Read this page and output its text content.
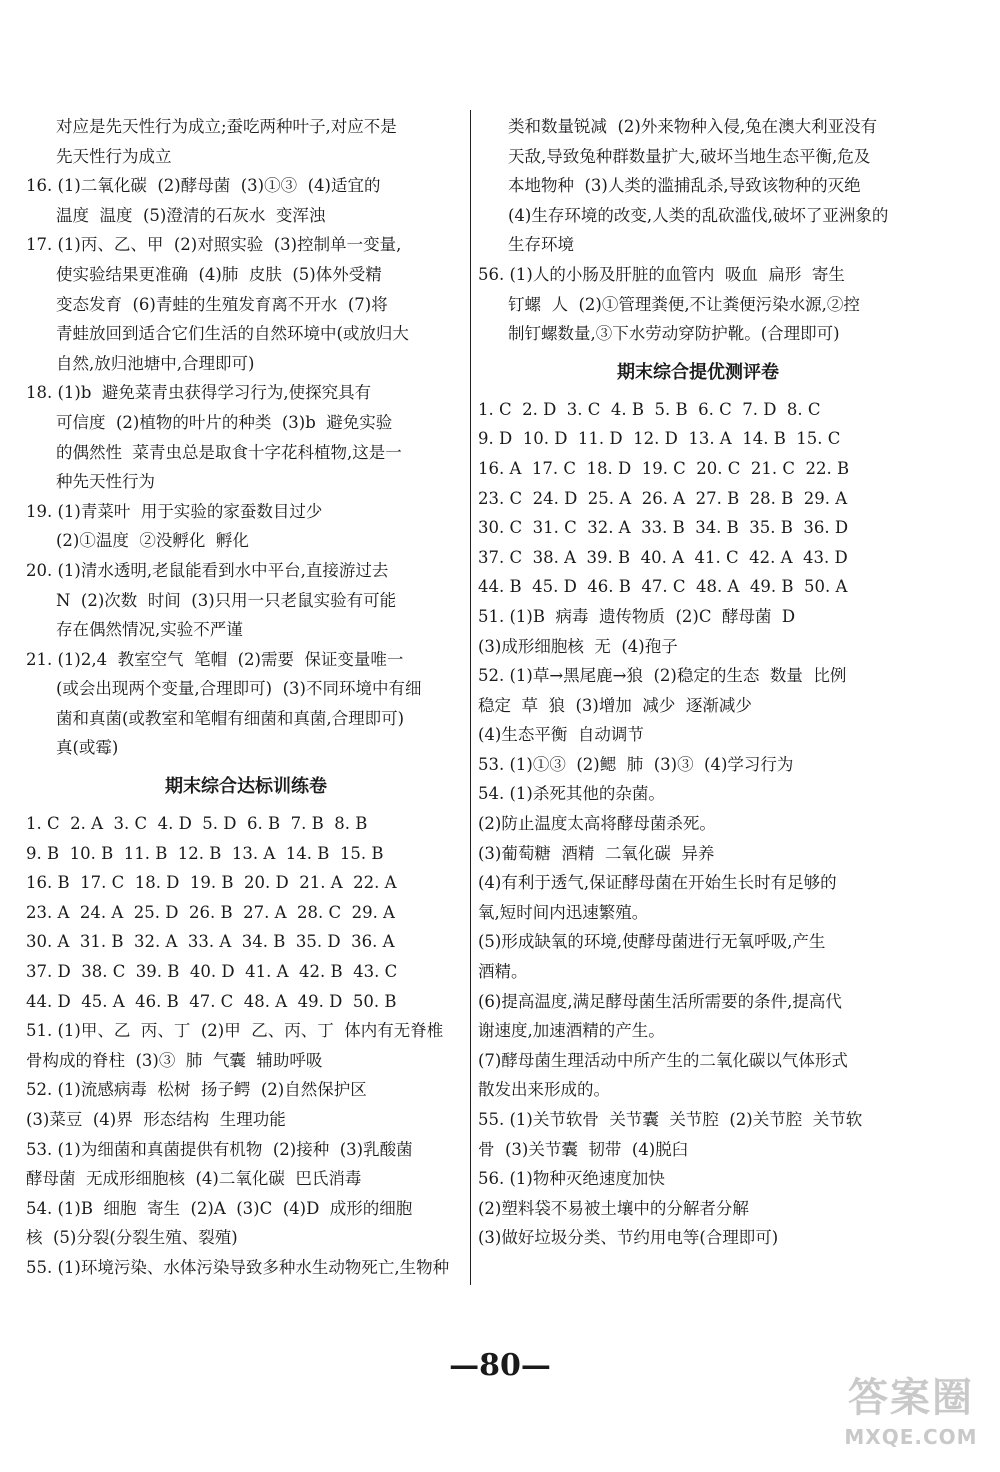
对应是先天性行为成立;蚕吃两种叶子,对应不是
先天性行为成立
16. (1)二氧化碳  (2)酵母菌  (3)①③  (4)适宜的
温度  温度  (5)澄清的石灰水  变浑浊
17. (1)丙、乙、甲  (2)对照实验  (3)控制单一变量,
使实验结果更准确  (4)肺  皮肤  (5)体外受精
变态发育  (6)青蛙的生殖发育离不开水  (7)将
青蛙放回到适合它们生活的自然环境中(或放归大
自然,放归池塘中,合理即可)
18. (1)b  避免菜青虫获得学习行为,使探究具有
可信度  (2)植物的叶片的种类  (3)b  避免实验
的偶然性  菜青虫总是取食十字花科植物,这是一
种先天性行为
19. (1)青菜叶  用于实验的家蚕数目过少
(2)①温度  ②没孵化  孵化
20. (1)清水透明,老鼠能看到水中平台,直接游过去
N  (2)次数  时间  (3)只用一只老鼠实验有可能
存在偶然情况,实验不严谨
21. (1)2,4  教室空气  笔帽  (2)需要  保证变量唯一
(或会出现两个变量,合理即可)  (3)不同环境中有细
菌和真菌(或教室和笔帽有细菌和真菌,合理即可)
真(或霉)
期末综合达标训练卷
1. C  2. A  3. C  4. D  5. D  6. B  7. B  8. B
9. B  10. B  11. B  12. B  13. A  14. B  15. B
16. B  17. C  18. D  19. B  20. D  21. A  22. A
23. A  24. A  25. D  26. B  27. A  28. C  29. A
30. A  31. B  32. A  33. A  34. B  35. D  36. A
37. D  38. C  39. B  40. D  41. A  42. B  43. C
44. D  45. A  46. B  47. C  48. A  49. D  50. B
51. (1)甲、乙  丙、丁  (2)甲  乙、丙、丁  体内有无脊椎
骨构成的脊柱  (3)③  肺  气囊  辅助呼吸
52. (1)流感病毒  松树  扬子鳄  (2)自然保护区
(3)菜豆  (4)界  形态结构  生理功能
53. (1)为细菌和真菌提供有机物  (2)接种  (3)乳酸菌
酵母菌  无成形细胞核  (4)二氧化碳  巴氏消毒
54. (1)B  细胞  寄生  (2)A  (3)C  (4)D  成形的细胞
核  (5)分裂(分裂生殖、裂殖)
55. (1)环境污染、水体污染导致多种水生动物死亡,生物种
类和数量锐减  (2)外来物种入侵,兔在澳大利亚没有
天敌,导致兔种群数量扩大,破坏当地生态平衡,危及
本地物种  (3)人类的滥捕乱杀,导致该物种的灭绝
(4)生存环境的改变,人类的乱砍滥伐,破坏了亚洲象的
生存环境
56. (1)人的小肠及肝脏的血管内  吸血  扁形  寄生
钉螺  人  (2)①管理粪便,不让粪便污染水源,②控
制钉螺数量,③下水劳动穿防护靴。(合理即可)
期末综合提优测评卷
1. C  2. D  3. C  4. B  5. B  6. C  7. D  8. C
9. D  10. D  11. D  12. D  13. A  14. B  15. C
16. A  17. C  18. D  19. C  20. C  21. C  22. B
23. C  24. D  25. A  26. A  27. B  28. B  29. A
30. C  31. C  32. A  33. B  34. B  35. B  36. D
37. C  38. A  39. B  40. A  41. C  42. A  43. D
44. B  45. D  46. B  47. C  48. A  49. B  50. A
51. (1)B  病毒  遗传物质  (2)C  酵母菌  D
(3)成形细胞核  无  (4)孢子
52. (1)草→黑尾鹿→狼  (2)稳定的生态  数量  比例
稳定  草  狼  (3)增加  减少  逐渐减少
(4)生态平衡  自动调节
53. (1)①③  (2)鳃  肺  (3)③  (4)学习行为
54. (1)杀死其他的杂菌。
(2)防止温度太高将酵母菌杀死。
(3)葡萄糖  酒精  二氧化碳  异养
(4)有利于透气,保证酵母菌在开始生长时有足够的
氧,短时间内迅速繁殖。
(5)形成缺氧的环境,使酵母菌进行无氧呼吸,产生
酒精。
(6)提高温度,满足酵母菌生活所需要的条件,提高代
谢速度,加速酒精的产生。
(7)酵母菌生理活动中所产生的二氧化碳以气体形式
散发出来形成的。
55. (1)关节软骨  关节囊  关节腔  (2)关节腔  关节软
骨  (3)关节囊  韧带  (4)脱臼
56. (1)物种灭绝速度加快
(2)塑料袋不易被土壤中的分解者分解
(3)做好垃圾分类、节约用电等(合理即可)
—80—
答案圈
MXQE.COM
